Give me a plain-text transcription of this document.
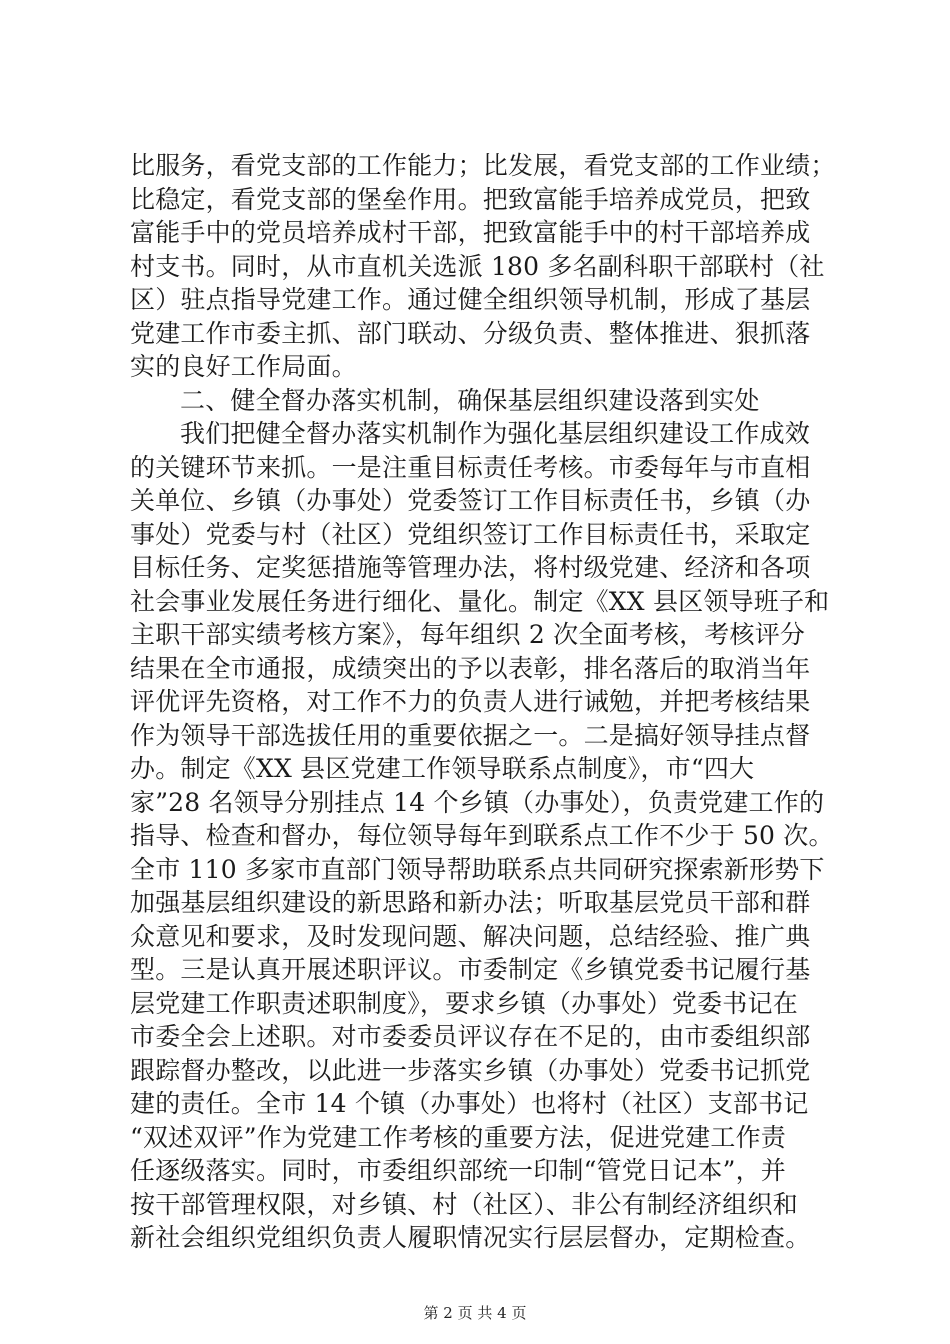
比服务，看党支部的工作能力；比发展，看党支部的工作业绩；
比稳定，看党支部的堡垒作用。把致富能手培养成党员，把致
富能手中的党员培养成村干部，把致富能手中的村干部培养成
村支书。同时，从市直机关选派 180 多名副科职干部联村（社
区）驻点指导党建工作。通过健全组织领导机制，形成了基层
党建工作市委主抓、部门联动、分级负责、整体推进、狠抓落
实的良好工作局面。
二、健全督办落实机制，确保基层组织建设落到实处
我们把健全督办落实机制作为强化基层组织建设工作成效
的关键环节来抓。一是注重目标责任考核。市委每年与市直相
关单位、乡镇（办事处）党委签订工作目标责任书，乡镇（办
事处）党委与村（社区）党组织签订工作目标责任书，采取定
目标任务、定奖惩措施等管理办法，将村级党建、经济和各项
社会事业发展任务进行细化、量化。制定《XX 县区领导班子和
主职干部实绩考核方案》，每年组织 2 次全面考核，考核评分
结果在全市通报，成绩突出的予以表彰，排名落后的取消当年
评优评先资格，对工作不力的负责人进行诫勉，并把考核结果
作为领导干部选拔任用的重要依据之一。二是搞好领导挂点督
办。制定《XX 县区党建工作领导联系点制度》，市“四大
家”28 名领导分别挂点 14 个乡镇（办事处），负责党建工作的
指导、检查和督办，每位领导每年到联系点工作不少于 50 次。
全市 110 多家市直部门领导帮助联系点共同研究探索新形势下
加强基层组织建设的新思路和新办法；听取基层党员干部和群
众意见和要求，及时发现问题、解决问题，总结经验、推广典
型。三是认真开展述职评议。市委制定《乡镇党委书记履行基
层党建工作职责述职制度》，要求乡镇（办事处）党委书记在
市委全会上述职。对市委委员评议存在不足的，由市委组织部
跟踪督办整改，以此进一步落实乡镇（办事处）党委书记抓党
建的责任。全市 14 个镇（办事处）也将村（社区）支部书记
“双述双评”作为党建工作考核的重要方法，促进党建工作责
任逐级落实。同时，市委组织部统一印制“管党日记本”，并
按干部管理权限，对乡镇、村（社区）、非公有制经济组织和
新社会组织党组织负责人履职情况实行层层督办，定期检查。
第 2 页 共 4 页
